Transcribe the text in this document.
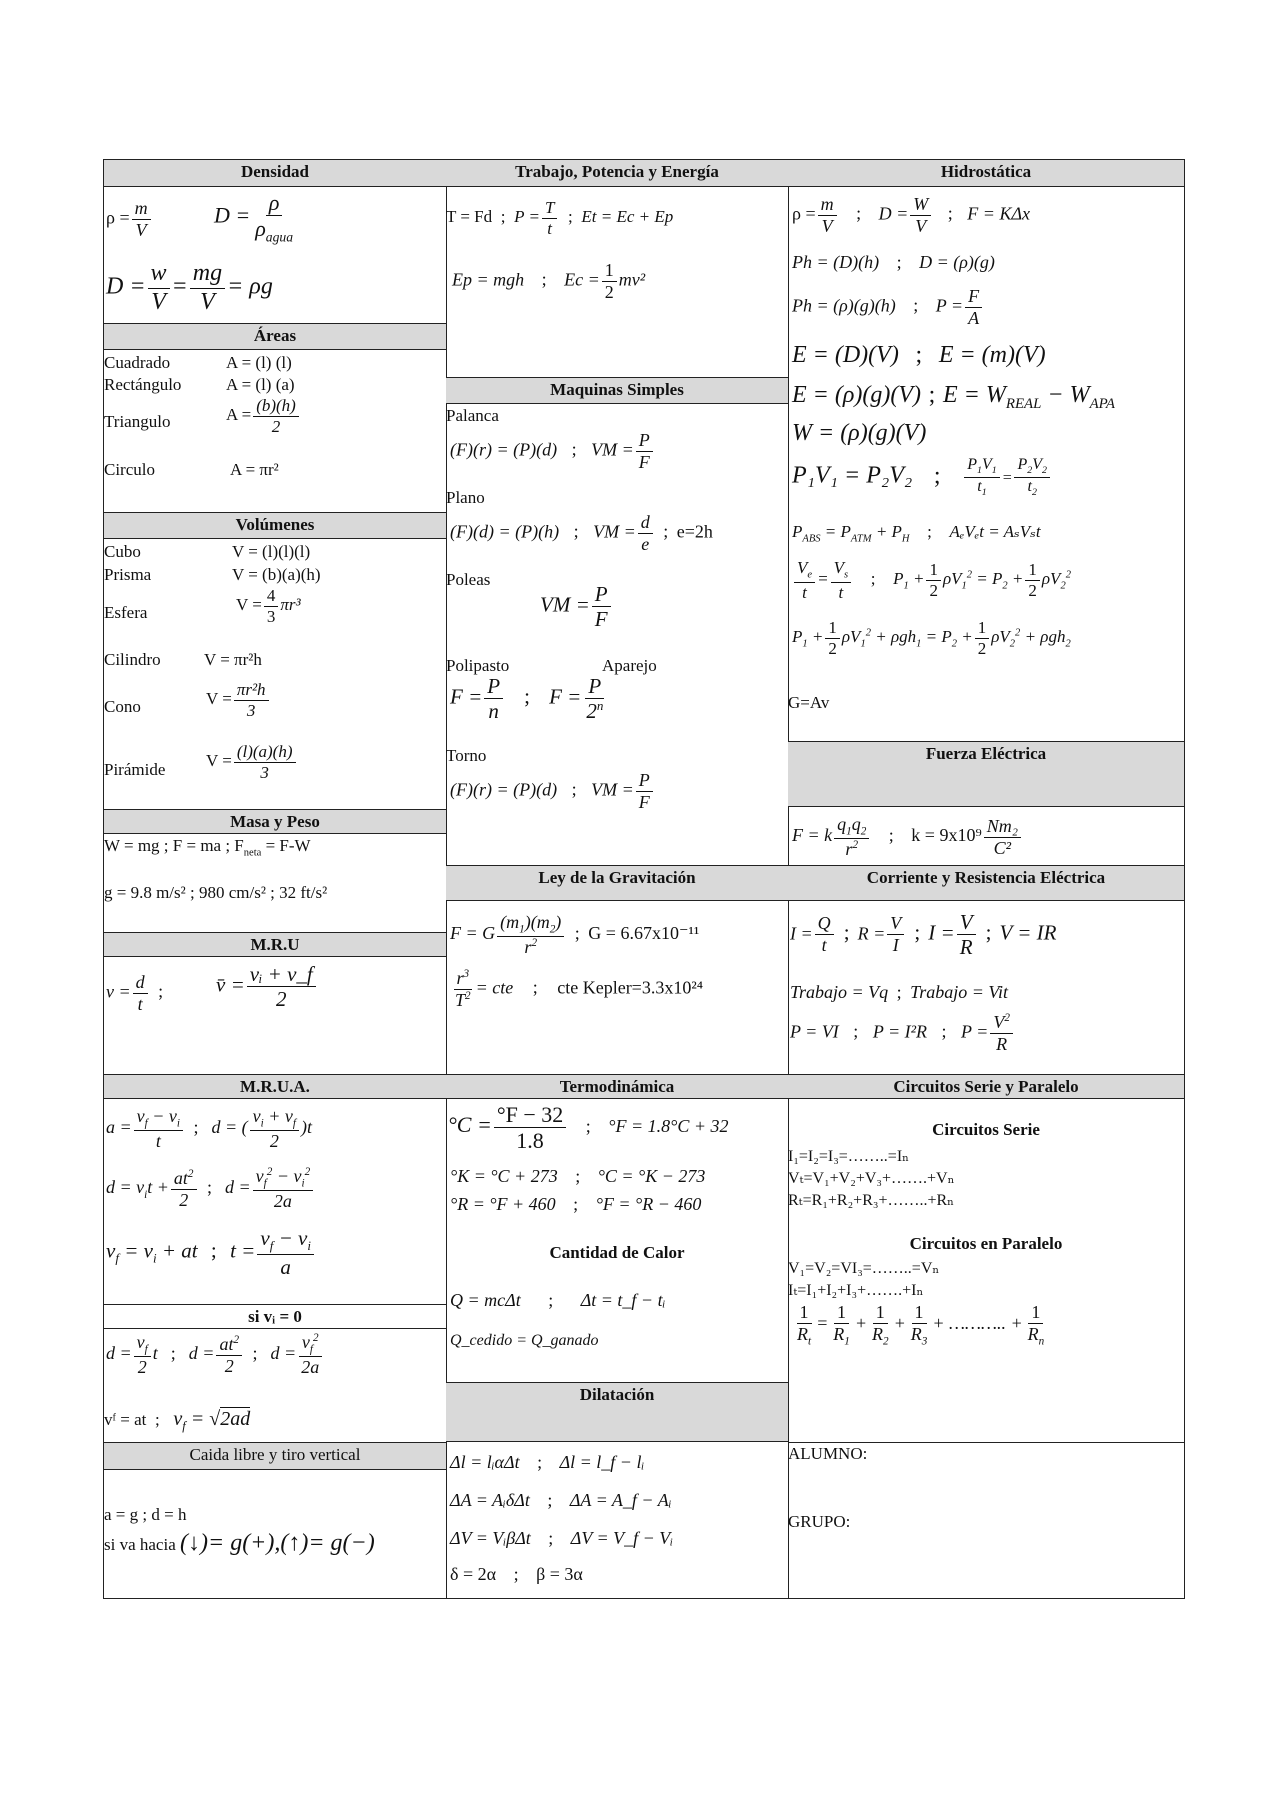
Densidad
$\rho = \frac{m}{V}$	$D = \frac{\rho}{\rho_{agua}}$
$D = \frac{w}{V} = \frac{mg}{V} = \rho g$
Áreas
Cuadrado	A = (l) (l)
Rectángulo	A = (l) (a)
Triangulo	$A = \frac{(b)(h)}{2}$
Circulo	A = πr²
Volúmenes
Cubo	V = (l)(l)(l)
Prisma	V = (b)(a)(h)
Esfera	$V = \frac{4}{3} \pi r^3$
Cilindro	V = πr²h
Cono	$V = \frac{\text{πr²h}}{3}$
Pirámide $V = \frac{(l)(a)(h)}{3}$
Masa y Peso
W = mg ; F = ma ; $F_{neta} = F-W$
g = 9.8 m/s² ; 980 cm/s² ; 32 ft/s²
M.R.U
$v = \frac{d}{t}$ ;	v̄ = $\frac{\text{vᵢ + v\_f}}{2}$
M.R.U.A.
$a = \frac{v_f - v_i}{t}$ ; d = ( $\frac{v_i + v_f}{2} )t$
$d = v_it + \frac{at^2}{2}$ ; $d = \frac{v_f^2 - v_i^2}{2a}$
$v_f = v_i$ + at ; $t = \frac{v_f - v_i}{a}$
si vᵢ = 0
$d = \frac{v_f}{2}$ t ; $d = \frac{at^2}{2}$ ; $d = \frac{v_f^2}{2a}$
vᶠ = at ; $v_f = √2ad$
Caida libre y tiro vertical
a = g ; d = h
si va hacia (↓)= g(+),(↑)= g(−)
Trabajo, Potencia y Energía
T = Fd ; $P = \frac{T}{t}$ ; Et = Ec + Ep
Ep = mgh ; $Ec = \frac{1}{2} mv^2$
Maquinas Simples
Palanca
(F)(r) = (P)(d) ; VM = $\frac{P}{F}$
Plano
(F)(d) = (P)(h) ; VM = $\frac{d}{e}$ ; e=2h
Poleas
VM = $\frac{P}{F}$
Polipasto	Aparejo
$F = \frac{P}{n}$ ; $F = \frac{P}{2^n}$
Torno
(F)(r) = (P)(d) ; VM = $\frac{P}{F}$
Ley de la Gravitación
F = G $\frac{(m_1)(m_2)}{r^2}$ ; G = 6.67x10⁻¹¹
$\frac{r^3}{T^2}$ = cte ; cte Kepler=3.3x10²⁴
Termodinámica
$^\circ C = \frac{^\circ F - 32}{1.8}$ ; °F = 1.8°C + 32
°K = °C + 273 ; °C = °K − 273
°R = °F + 460 ; °F = °R − 460
Cantidad de Calor
Q = mcΔt ; Δt = t_f − tᵢ
Q_cedido = Q_ganado
Dilatación
Δl = lᵢαΔt ; Δl = l_f − lᵢ
ΔA = AᵢδΔt ; ΔA = A_f − Aᵢ
ΔV = VᵢβΔt ; ΔV = V_f − Vᵢ
δ = 2α ; β = 3α
Hidrostática
$\rho = \frac{m}{V}$ ; $D = \frac{W}{V}$ ; F = KΔx
Ph = (D)(h) ; D = (ρ)(g)
Ph = (ρ)(g)(h) ; $P = \frac{F}{A}$
E = (D)(V) ; E = (m)(V)
E = (ρ)(g)(V) ; $E = W_{REAL} - W_{APA}$
W = (ρ)(g)(V)
P₁V₁ = P₂V₂ ; $\frac{P_1V_1}{t_1} = \frac{P_2V_2}{t_2}$
$P_{ABS} = P_{ATM} + P_H$ ; AₑVₑt = AₛVₛt
$\frac{V_e}{t} = \frac{V_s}{t}$ ; $P_1 + \frac{1}{2} \rho V_1^2 = P_2 + \frac{1}{2} \rho V_2^2$
$P_1 + \frac{1}{2} \rho V_1^2 + \rho gh_1 = P_2 + \frac{1}{2} \rho V_2^2 + \rho gh_2$
G=Av
Fuerza Eléctrica
F = k $\frac{q_1q_2}{r^2}$ ; $k = 9x10^9 \frac{\text{Nm₂}}{\text{C²}}$
Corriente y Resistencia Eléctrica
$I = \frac{Q}{t}$ ; $R = \frac{V}{I}$ ; $I = \frac{V}{R}$ ; V = IR
Trabajo = Vq ; Trabajo = Vit
P = VI ; P = I²R ; $P = \frac{V^2}{R}$
Circuitos Serie y Paralelo
Circuitos Serie
I₁=I₂=I₃=……..=Iₙ
Vₜ=V₁+V₂+V₃+…….+Vₙ
Rₜ=R₁+R₂+R₃+……..+Rₙ
Circuitos en Paralelo
V₁=V₂=VI₃=……..=Vₙ
Iₜ=I₁+I₂+I₃+…….+Iₙ
$\frac{1}{R_t} = \frac{1}{R_1} + \frac{1}{R_2} + \frac{1}{R_3}$ + ……….. + $\frac{1}{R_n}$
ALUMNO:
GRUPO:
